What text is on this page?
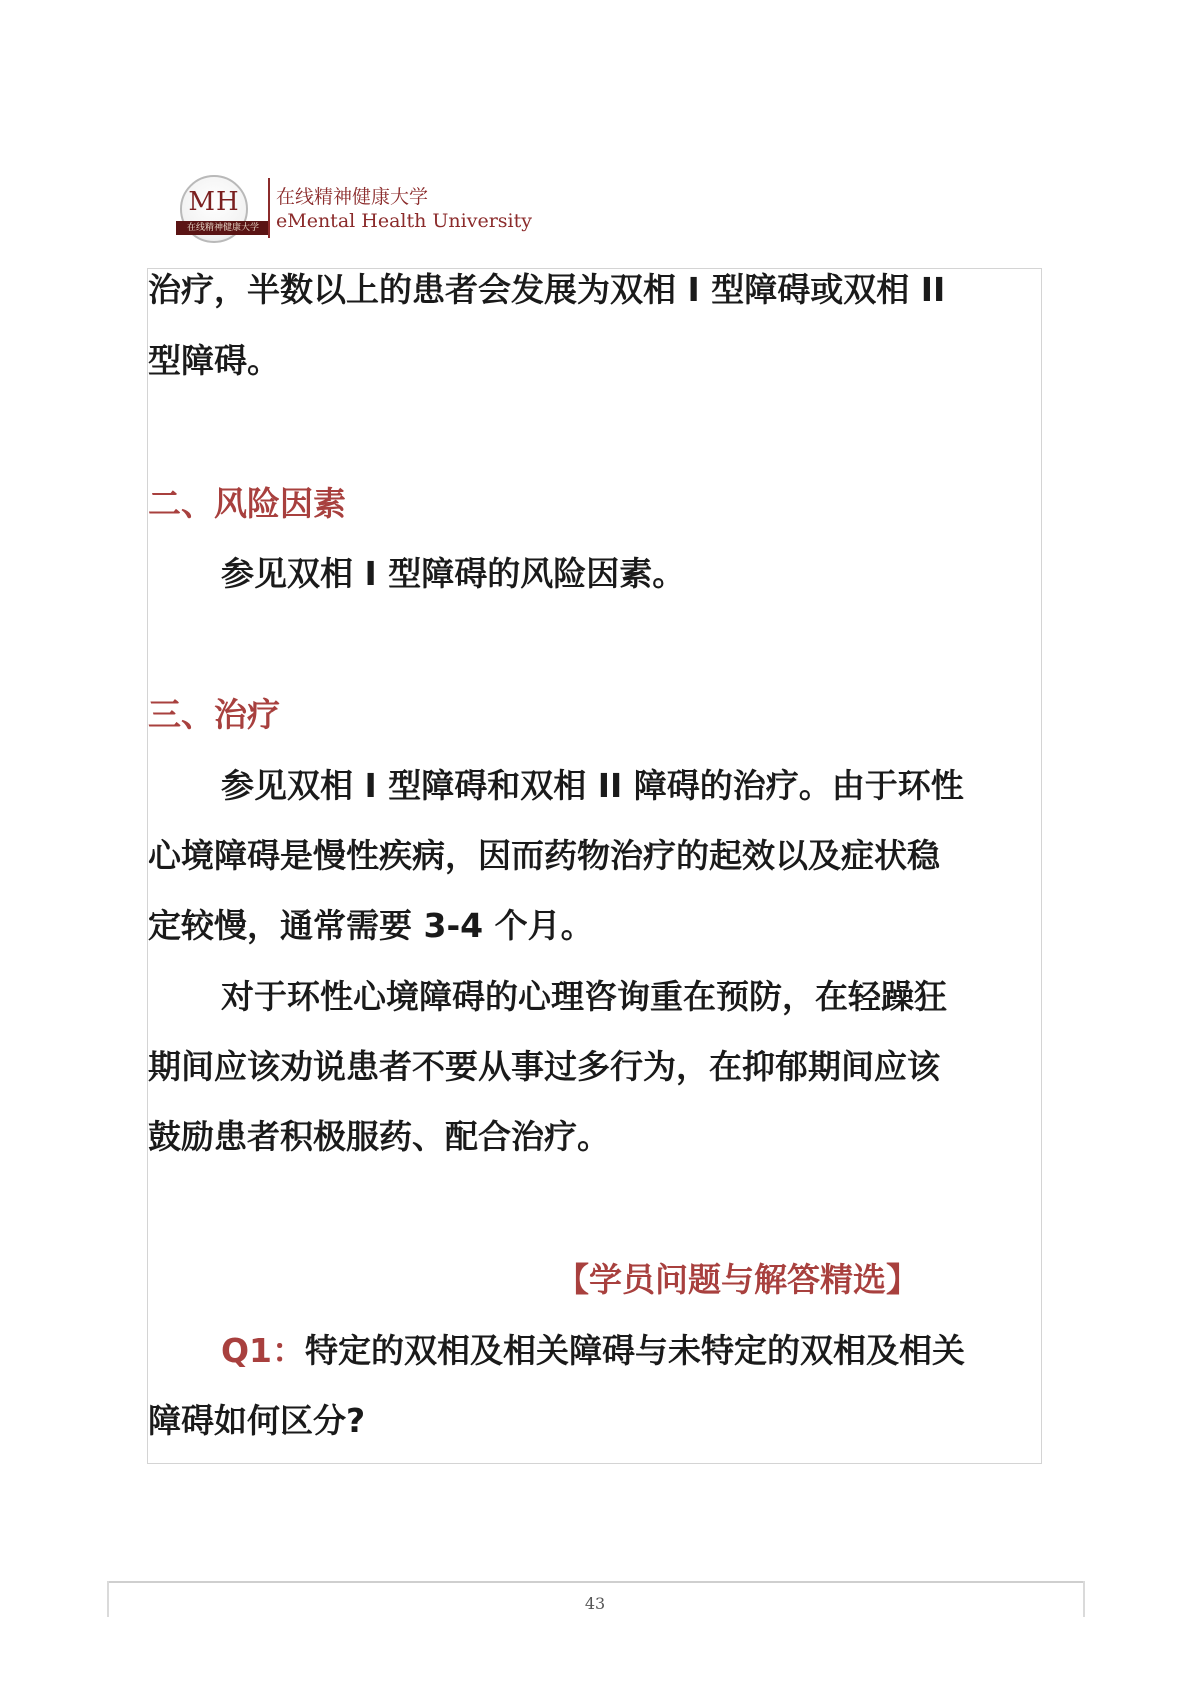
MH
在线精神健康大学
在线精神健康大学
eMental Health University
治疗，半数以上的患者会发展为双相 I 型障碍或双相 II
型障碍。
二、风险因素
参见双相 I 型障碍的风险因素。
三、治疗
参见双相 I 型障碍和双相 II 障碍的治疗。由于环性
心境障碍是慢性疾病，因而药物治疗的起效以及症状稳
定较慢，通常需要 3-4 个月。
对于环性心境障碍的心理咨询重在预防，在轻躁狂
期间应该劝说患者不要从事过多行为，在抑郁期间应该
鼓励患者积极服药、配合治疗。
【学员问题与解答精选】
Q1：特定的双相及相关障碍与未特定的双相及相关
障碍如何区分?
43
